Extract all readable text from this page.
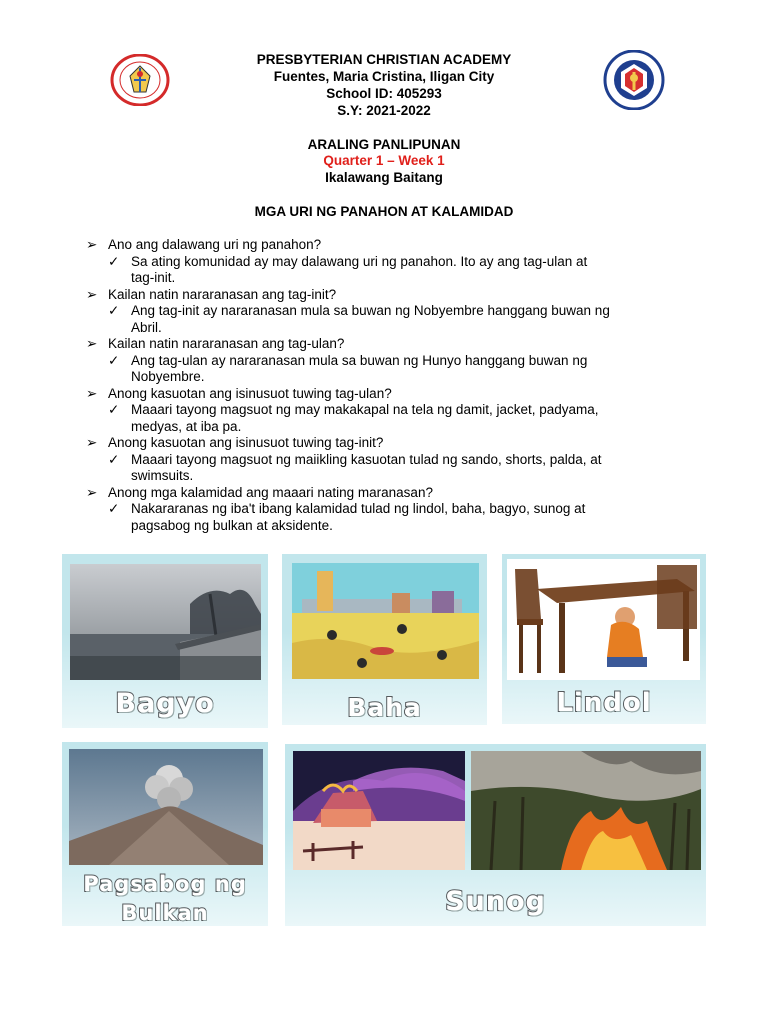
PRESBYTERIAN CHRISTIAN ACADEMY
Fuentes, Maria Cristina, Iligan City
School ID: 405293
S.Y: 2021-2022
ARALING PANLIPUNAN
Quarter 1 – Week 1
Ikalawang Baitang
MGA URI NG PANAHON AT KALAMIDAD
➢ Ano ang dalawang uri ng panahon?
✓ Sa ating komunidad ay may dalawang uri ng panahon. Ito ay ang tag-ulan at
tag-init.
➢ Kailan natin nararanasan ang tag-init?
✓ Ang tag-init ay nararanasan mula sa buwan ng Nobyembre hanggang buwan ng
Abril.
➢ Kailan natin nararanasan ang tag-ulan?
✓ Ang tag-ulan ay nararanasan mula sa buwan ng Hunyo hanggang buwan ng
Nobyembre.
➢ Anong kasuotan ang isinusuot tuwing tag-ulan?
✓ Maaari tayong magsuot ng may makakapal na tela ng damit, jacket, padyama,
medyas, at iba pa.
➢ Anong kasuotan ang isinusuot tuwing tag-init?
✓ Maaari tayong magsuot ng maiikling kasuotan tulad ng sando, shorts, palda, at
swimsuits.
➢ Anong mga kalamidad ang maaari nating maranasan?
✓ Nakararanas ng iba't ibang kalamidad tulad ng lindol, baha, bagyo, sunog at
pagsabog ng bulkan at aksidente.
Bagyo	Baha	Lindol
Pagsabog ng
Bulkan	Sunog
